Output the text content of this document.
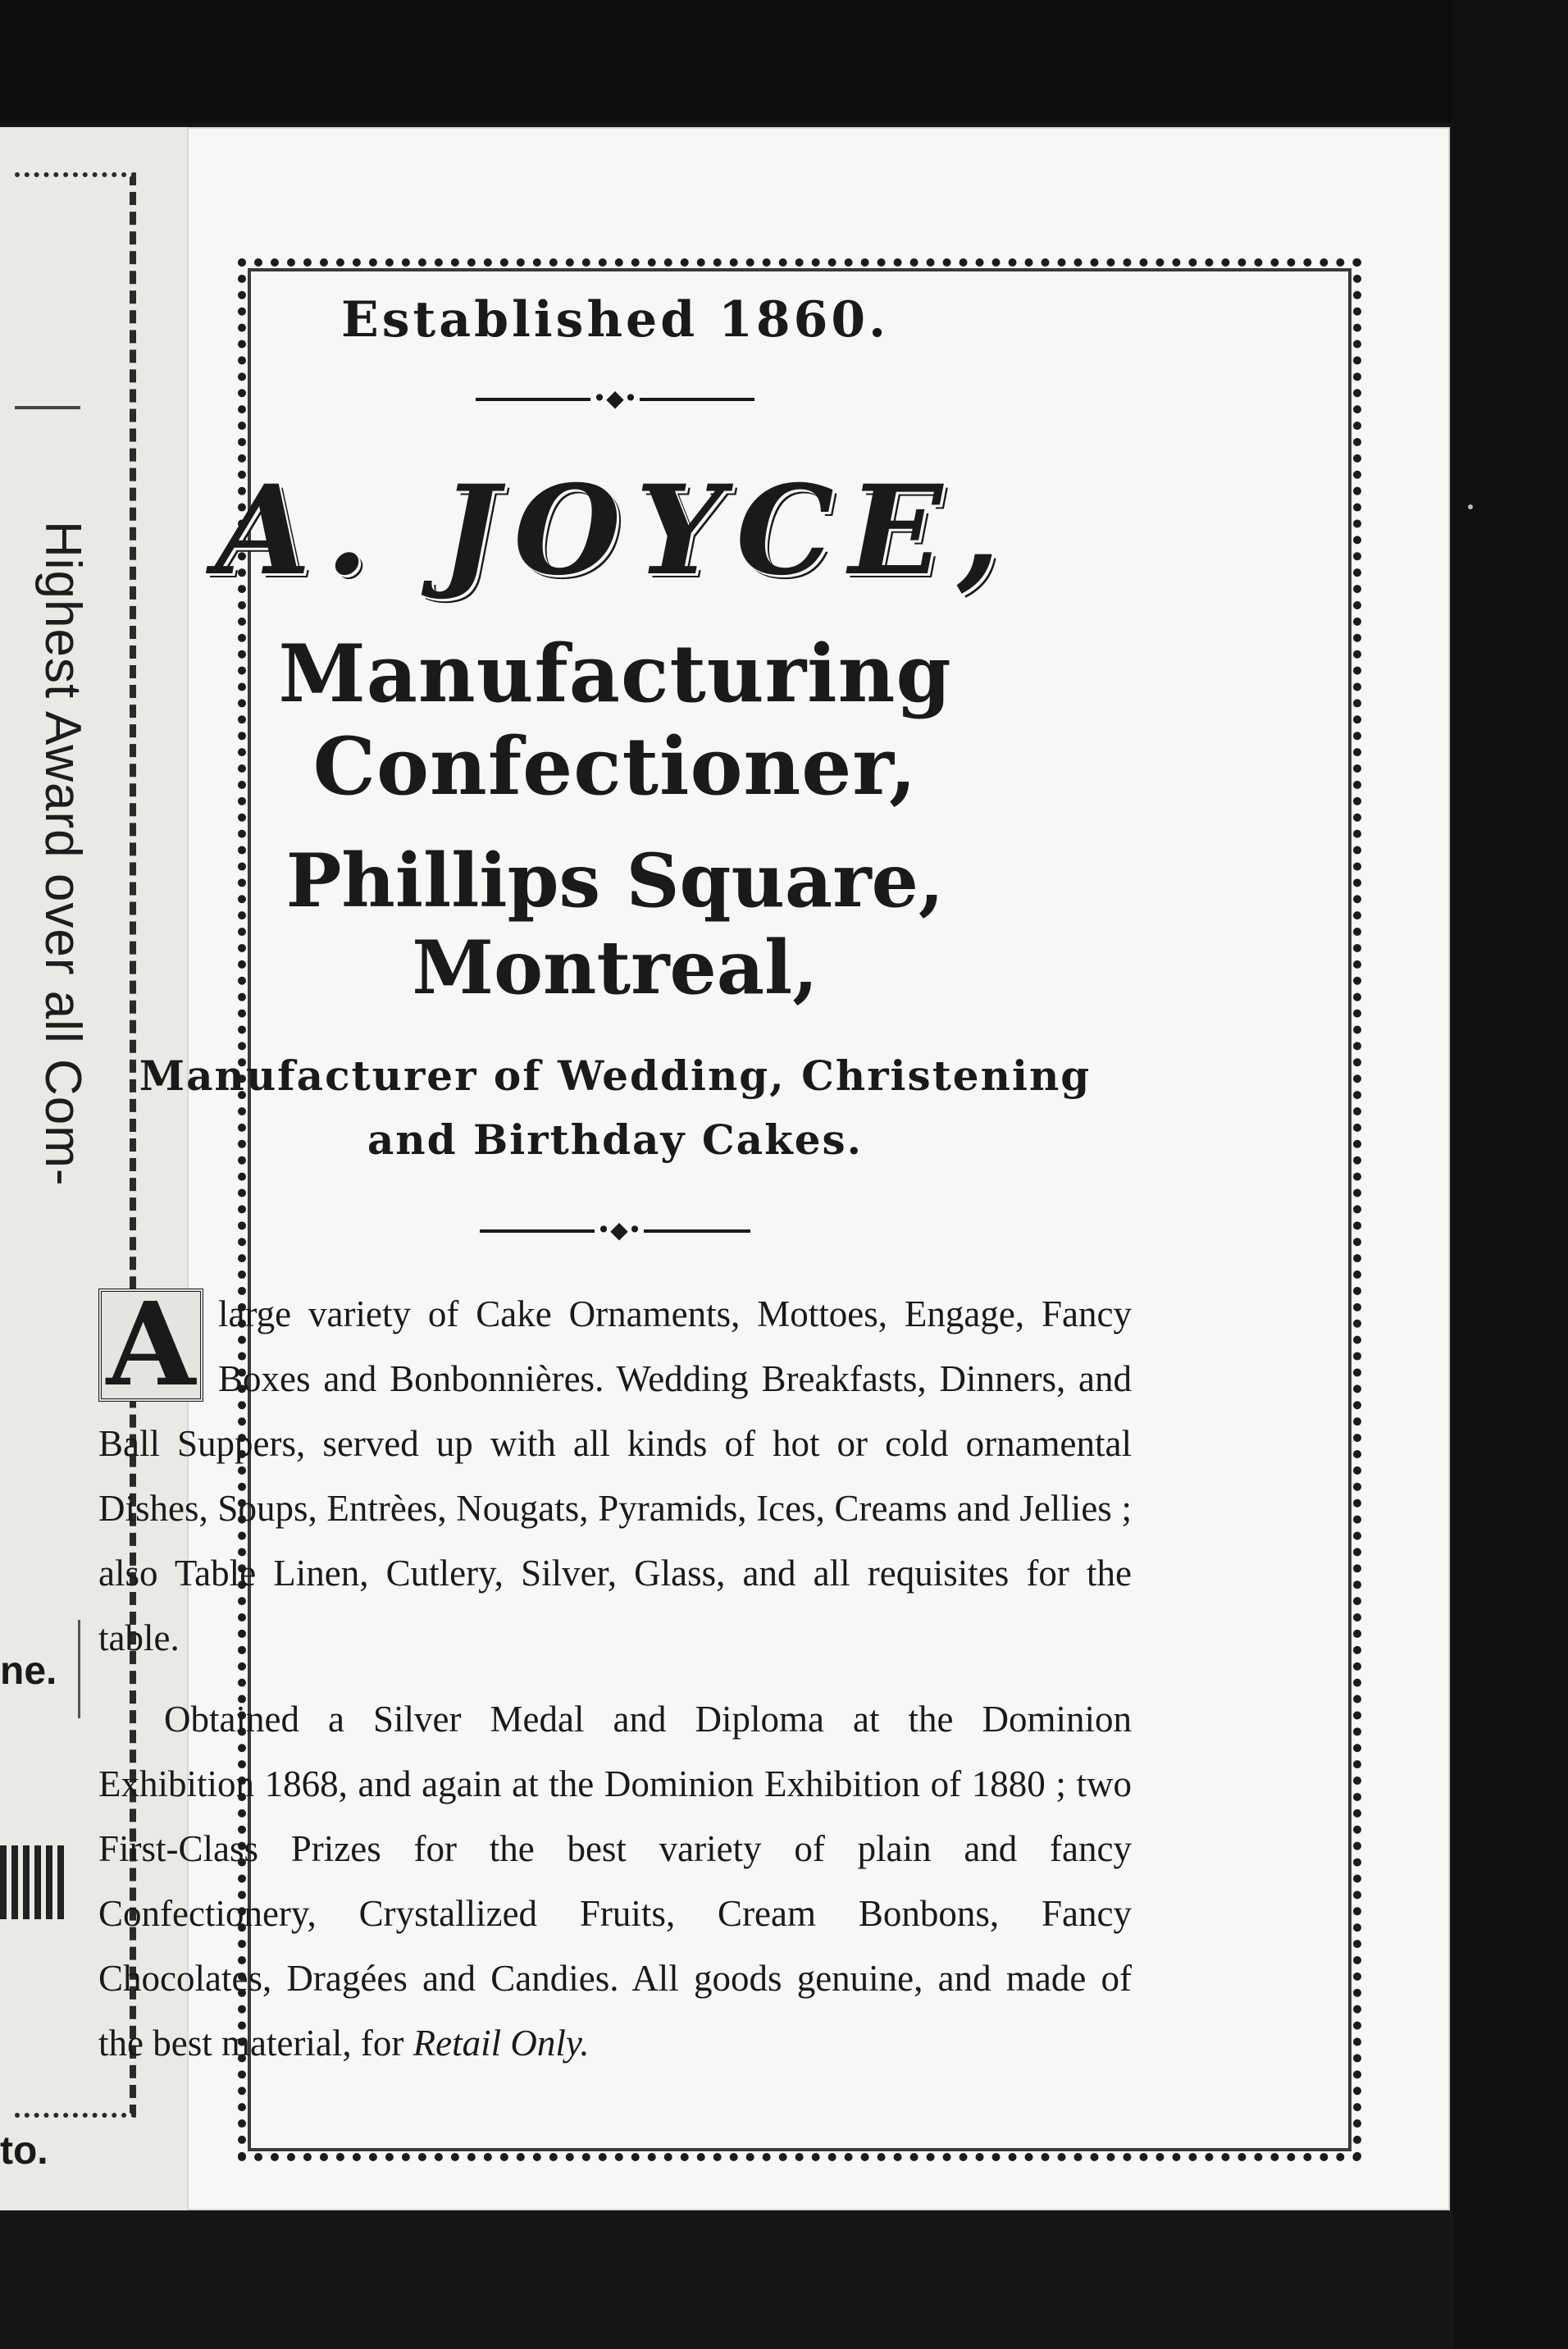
Highest Award over all Com-
ne.
to.
Established 1860.
•◆•
A. JOYCE,
Manufacturing Confectioner,
Phillips Square, Montreal,
Manufacturer of Wedding, Christening
and Birthday Cakes.
•◆•
A large variety of Cake Ornaments, Mottoes, Engage, Fancy Boxes and Bonbonnières. Wedding Breakfasts, Dinners, and Ball Suppers, served up with all kinds of hot or cold ornamental Dishes, Soups, Entrèes, Nougats, Pyramids, Ices, Creams and Jellies ; also Table Linen, Cutlery, Silver, Glass, and all requisites for the table.
Obtained a Silver Medal and Diploma at the Dominion Exhibition 1868, and again at the Dominion Exhibition of 1880 ; two First-Class Prizes for the best variety of plain and fancy Confectionery, Crystallized Fruits, Cream Bonbons, Fancy Chocolates, Dragées and Candies. All goods genuine, and made of the best material, for Retail Only.
